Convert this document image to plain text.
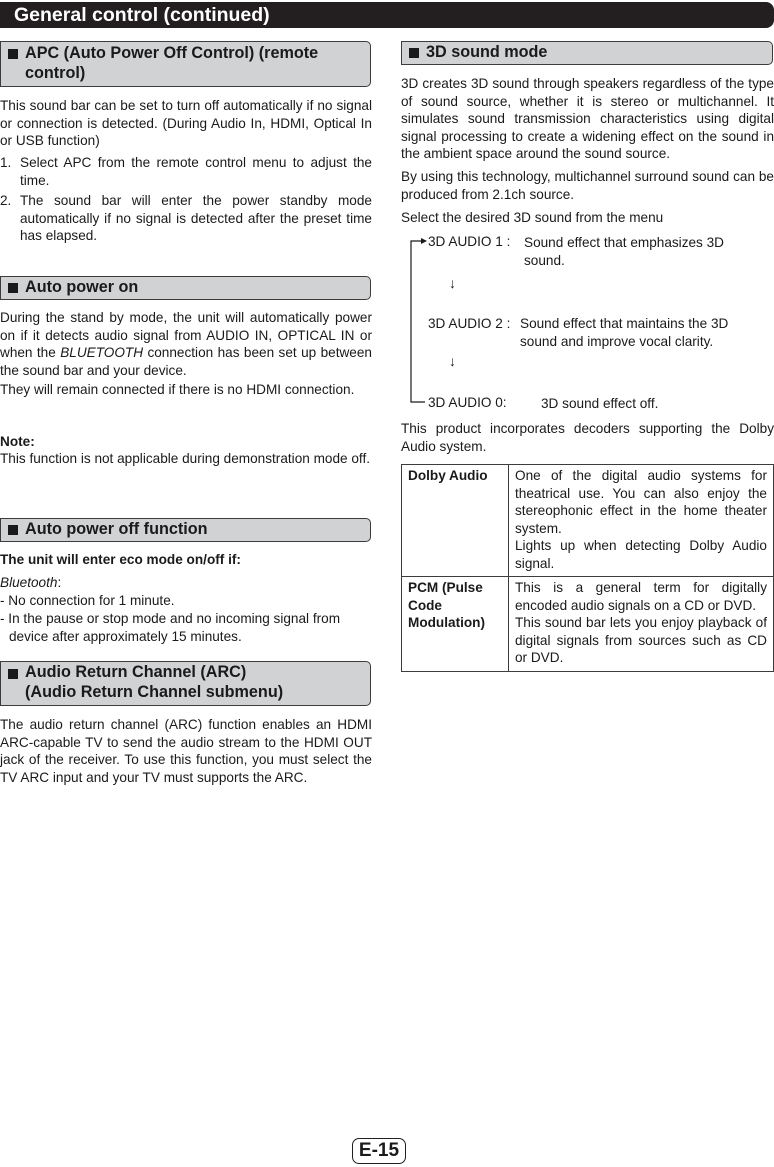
General control (continued)
APC (Auto Power Off Control) (remote control)

This sound bar can be set to turn off automatically if no signal or connection is detected. (During Audio In, HDMI, Optical In or USB function)

1. Select APC from the remote control menu to adjust the time.
2. The sound bar will enter the power standby mode automatically if no signal is detected after the preset time has elapsed.
Auto power on

During the stand by mode, the unit will automatically power on if it detects audio signal from AUDIO IN, OPTICAL IN or when the BLUETOOTH connection has been set up between the sound bar and your device.

They will remain connected if there is no HDMI connection.

Note:

This function is not applicable during demonstration mode off.

Auto power off function

The unit will enter eco mode on/off if:

Bluetooth:

- No connection for 1 minute.

- In the pause or stop mode and no incoming signal from device after approximately 15 minutes.
Audio Return Channel (ARC)
(Audio Return Channel submenu)

The audio return channel (ARC) function enables an HDMI ARC-capable TV to send the audio stream to the HDMI OUT jack of the receiver. To use this function, you must select the TV ARC input and your TV must supports the ARC.

3D sound mode

3D creates 3D sound through speakers regardless of the type of sound source, whether it is stereo or multichannel. It simulates sound transmission characteristics using digital signal processing to create a widening effect on the sound in the ambient space around the sound source.

By using this technology, multichannel surround sound can be produced from 2.1ch source.

Select the desired 3D sound from the menu

3D AUDIO 1 : Sound effect that emphasizes 3D sound.
↓
3D AUDIO 2 : Sound effect that maintains the 3D sound and improve vocal clarity.
↓
3D AUDIO 0:	3D sound effect off.

This product incorporates decoders supporting the Dolby Audio system.

Dolby Audio	One of the digital audio systems for theatrical use. You can also enjoy the stereophonic effect in the home theater system.

Lights up when detecting Dolby Audio signal.

PCM (Pulse Code Modulation)	This is a general term for digitally encoded audio signals on a CD or DVD.

This sound bar lets you enjoy playback of digital signals from sources such as CD or DVD.

E-15
